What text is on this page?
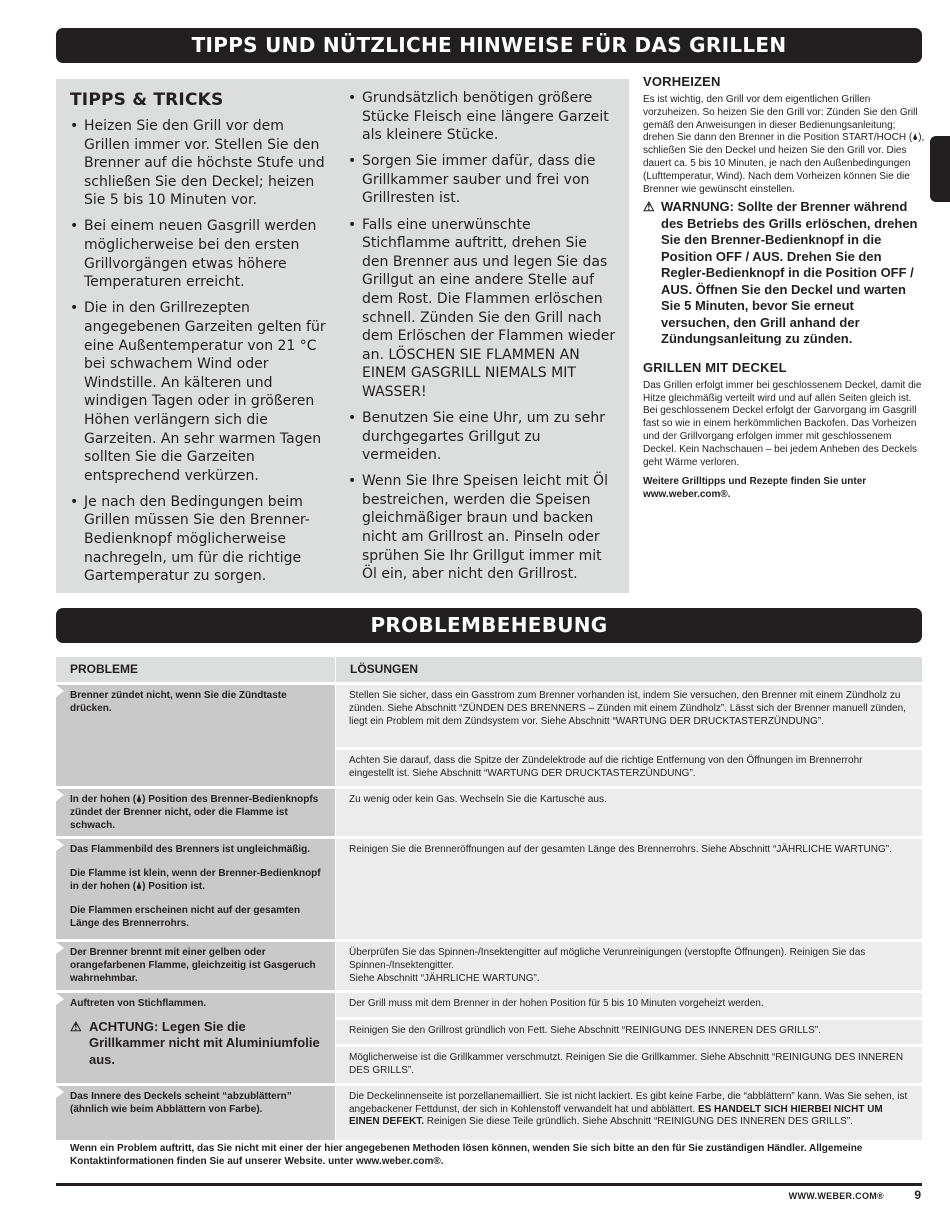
TIPPS UND NÜTZLICHE HINWEISE FÜR DAS GRILLEN
TIPPS & TRICKS
• Heizen Sie den Grill vor dem Grillen immer vor. Stellen Sie den Brenner auf die höchste Stufe und schließen Sie den Deckel; heizen Sie 5 bis 10 Minuten vor.
• Bei einem neuen Gasgrill werden möglicherweise bei den ersten Grillvorgängen etwas höhere Temperaturen erreicht.
• Die in den Grillrezepten angegebenen Garzeiten gelten für eine Außentemperatur von 21 °C bei schwachem Wind oder Windstille. An kälteren und windigen Tagen oder in größeren Höhen verlängern sich die Garzeiten. An sehr warmen Tagen sollten Sie die Garzeiten entsprechend verkürzen.
• Je nach den Bedingungen beim Grillen müssen Sie den Brenner-Bedienknopf möglicherweise nachregeln, um für die richtige Gartemperatur zu sorgen.
• Grundsätzlich benötigen größere Stücke Fleisch eine längere Garzeit als kleinere Stücke.
• Sorgen Sie immer dafür, dass die Grillkammer sauber und frei von Grillresten ist.
• Falls eine unerwünschte Stichflamme auftritt, drehen Sie den Brenner aus und legen Sie das Grillgut an eine andere Stelle auf dem Rost. Die Flammen erlöschen schnell. Zünden Sie den Grill nach dem Erlöschen der Flammen wieder an. LÖSCHEN SIE FLAMMEN AN EINEM GASGRILL NIEMALS MIT WASSER!
• Benutzen Sie eine Uhr, um zu sehr durchgegartes Grillgut zu vermeiden.
• Wenn Sie Ihre Speisen leicht mit Öl bestreichen, werden die Speisen gleichmäßiger braun und backen nicht am Grillrost an. Pinseln oder sprühen Sie Ihr Grillgut immer mit Öl ein, aber nicht den Grillrost.
VORHEIZEN

Es ist wichtig, den Grill vor dem eigentlichen Grillen vorzuheizen. So heizen Sie den Grill vor: Zünden Sie den Grill gemäß den Anweisungen in dieser Bedienungsanleitung; drehen Sie dann den Brenner in die Position START/HOCH (🌢), schließen Sie den Deckel und heizen Sie den Grill vor. Dies dauert ca. 5 bis 10 Minuten, je nach den Außenbedingungen (Lufttemperatur, Wind). Nach dem Vorheizen können Sie die Brenner wie gewünscht einstellen.

⚠ WARNUNG: Sollte der Brenner während des Betriebs des Grills erlöschen, drehen Sie den Brenner-Bedienknopf in die Position OFF / AUS. Drehen Sie den Regler-Bedienknopf in die Position OFF / AUS. Öffnen Sie den Deckel und warten Sie 5 Minuten, bevor Sie erneut versuchen, den Grill anhand der Zündungsanleitung zu zünden.
GRILLEN MIT DECKEL

Das Grillen erfolgt immer bei geschlossenem Deckel, damit die Hitze gleichmäßig verteilt wird und auf allen Seiten gleich ist. Bei geschlossenem Deckel erfolgt der Garvorgang im Gasgrill fast so wie in einem herkömmlichen Backofen. Das Vorheizen und der Grillvorgang erfolgen immer mit geschlossenem Deckel. Kein Nachschauen – bei jedem Anheben des Deckels geht Wärme verloren.

Weitere Grilltipps und Rezepte finden Sie unter www.weber.com®.

PROBLEMBEHEBUNG
PROBLEME	LÖSUNGEN
Brenner zündet nicht, wenn Sie die Zündtaste drücken.	Stellen Sie sicher, dass ein Gasstrom zum Brenner vorhanden ist, indem Sie versuchen, den Brenner mit einem Zündholz zu zünden. Siehe Abschnitt “ZÜNDEN DES BRENNERS – Zünden mit einem Zündholz”. Lässt sich der Brenner manuell zünden, liegt ein Problem mit dem Zündsystem vor. Siehe Abschnitt “WARTUNG DER DRUCKTASTERZÜNDUNG”.
	Achten Sie darauf, dass die Spitze der Zündelektrode auf die richtige Entfernung von den Öffnungen im Brennerrohr eingestellt ist. Siehe Abschnitt “WARTUNG DER DRUCKTASTERZÜNDUNG”.
In der hohen (🌢) Position des Brenner-Bedienknopfs zündet der Brenner nicht, oder die Flamme ist schwach.	Zu wenig oder kein Gas. Wechseln Sie die Kartusche aus.

Das Flammenbild des Brenners ist ungleichmäßig.
Die Flamme ist klein, wenn der Brenner-Bedienknopf in der hohen (🌢) Position ist.
Die Flammen erscheinen nicht auf der gesamten Länge des Brennerrohrs.	Reinigen Sie die Brenneröffnungen auf der gesamten Länge des Brennerrohrs. Siehe Abschnitt “JÄHRLICHE WARTUNG”.
Der Brenner brennt mit einer gelben oder orangefarbenen Flamme, gleichzeitig ist Gasgeruch wahrnehmbar.	Überprüfen Sie das Spinnen-/Insektengitter auf mögliche Verunreinigungen (verstopfte Öffnungen). Reinigen Sie das Spinnen-/Insektengitter.
Siehe Abschnitt “JÄHRLICHE WARTUNG”.

Auftreten von Stichflammen.
⚠ ACHTUNG: Legen Sie die Grillkammer nicht mit Aluminiumfolie aus.	Der Grill muss mit dem Brenner in der hohen Position für 5 bis 10 Minuten vorgeheizt werden.
	Reinigen Sie den Grillrost gründlich von Fett. Siehe Abschnitt “REINIGUNG DES INNEREN DES GRILLS”.
	Möglicherweise ist die Grillkammer verschmutzt. Reinigen Sie die Grillkammer. Siehe Abschnitt “REINIGUNG DES INNEREN DES GRILLS”.
Das Innere des Deckels scheint “abzublättern” (ähnlich wie beim Abblättern von Farbe).	Die Deckelinnenseite ist porzellanemailliert. Sie ist nicht lackiert. Es gibt keine Farbe, die “abblättern” kann. Was Sie sehen, ist angebackener Fettdunst, der sich in Kohlenstoff verwandelt hat und abblättert. ES HANDELT SICH HIERBEI NICHT UM EINEN DEFEKT. Reinigen Sie diese Teile gründlich. Siehe Abschnitt “REINIGUNG DES INNEREN DES GRILLS”.
Wenn ein Problem auftritt, das Sie nicht mit einer der hier angegebenen Methoden lösen können, wenden Sie sich bitte an den für Sie zuständigen Händler. Allgemeine Kontaktinformationen finden Sie auf unserer Website. unter www.weber.com®.
WWW.WEBER.COM®	9
